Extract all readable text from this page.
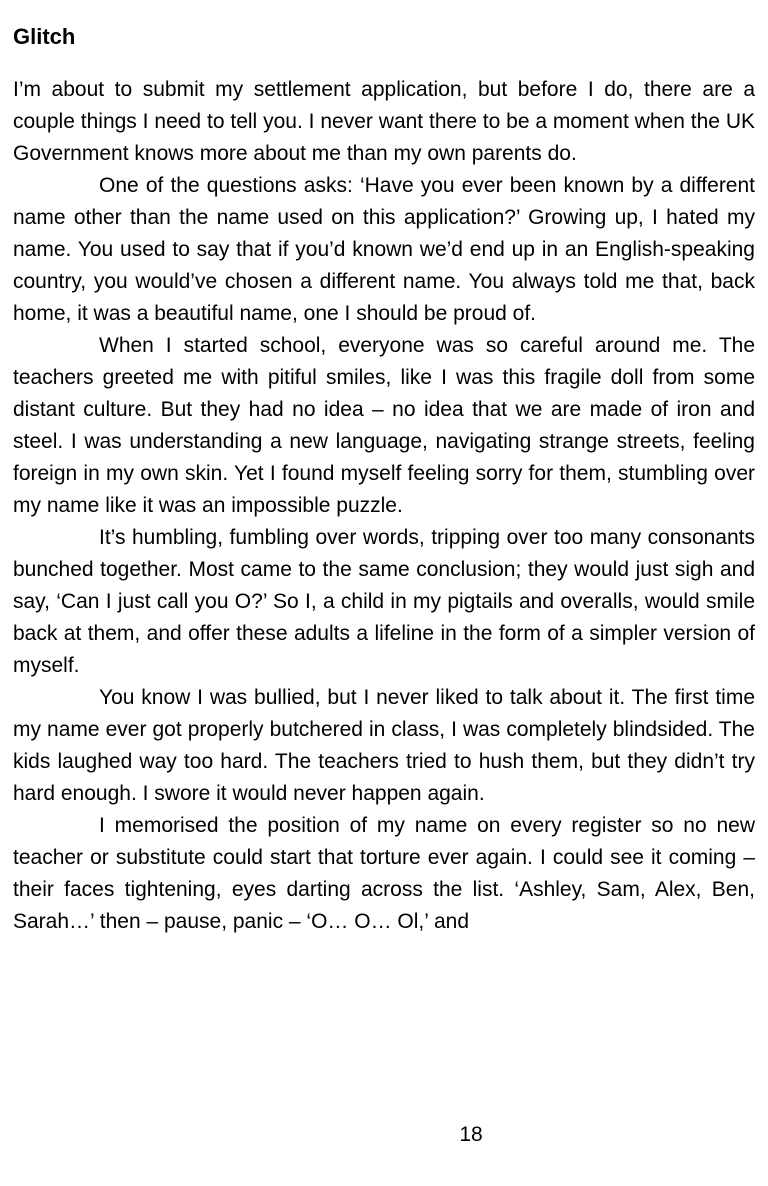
Glitch

I’m about to submit my settlement application, but before I do, there are a couple things I need to tell you. I never want there to be a moment when the UK Government knows more about me than my own parents do.

One of the questions asks: ‘Have you ever been known by a different name other than the name used on this application?’ Growing up, I hated my name. You used to say that if you’d known we’d end up in an English-speaking country, you would’ve chosen a different name. You always told me that, back home, it was a beautiful name, one I should be proud of.

When I started school, everyone was so careful around me. The teachers greeted me with pitiful smiles, like I was this fragile doll from some distant culture. But they had no idea – no idea that we are made of iron and steel. I was understanding a new language, navigating strange streets, feeling foreign in my own skin. Yet I found myself feeling sorry for them, stumbling over my name like it was an impossible puzzle.

It’s humbling, fumbling over words, tripping over too many consonants bunched together. Most came to the same conclusion; they would just sigh and say, ‘Can I just call you O?’ So I, a child in my pigtails and overalls, would smile back at them, and offer these adults a lifeline in the form of a simpler version of myself.

You know I was bullied, but I never liked to talk about it. The first time my name ever got properly butchered in class, I was completely blindsided. The kids laughed way too hard. The teachers tried to hush them, but they didn’t try hard enough. I swore it would never happen again.

I memorised the position of my name on every register so no new teacher or substitute could start that torture ever again. I could see it coming – their faces tightening, eyes darting across the list. ‘Ashley, Sam, Alex, Ben, Sarah…’ then – pause, panic – ‘O… O… Ol,’ and

18
